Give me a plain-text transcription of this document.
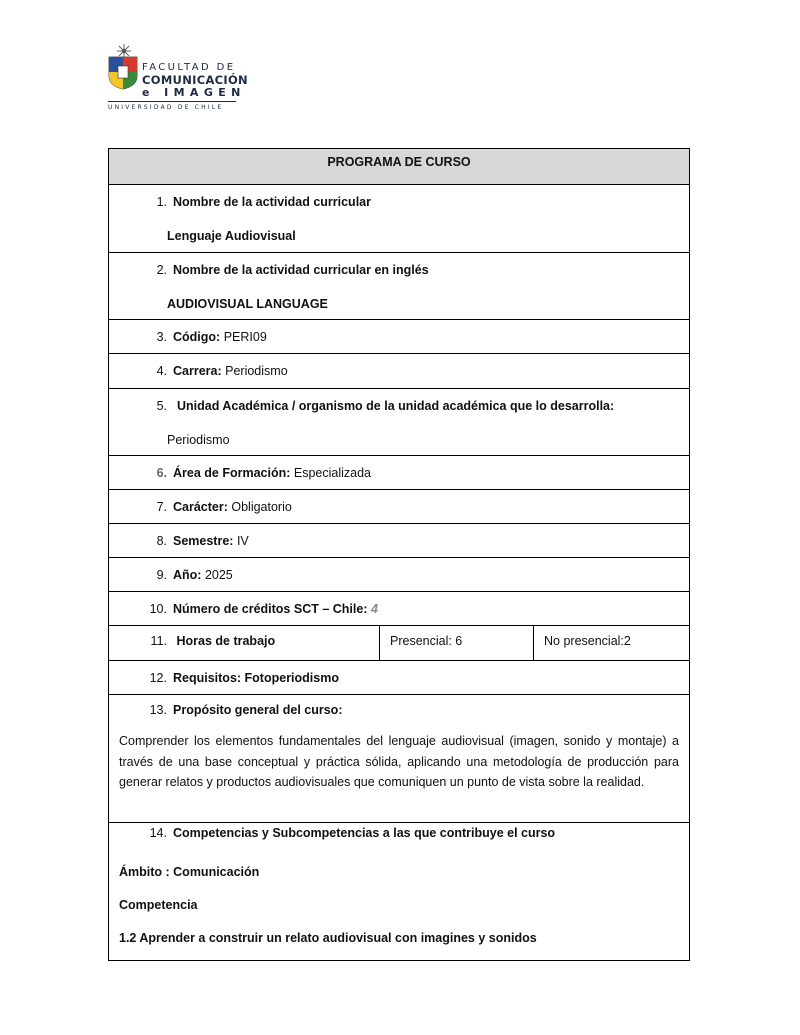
FACULTAD DE
COMUNICACIÓN
e IMAGEN
UNIVERSIDAD DE CHILE
PROGRAMA DE CURSO
1. Nombre de la actividad curricular
Lenguaje Audiovisual
2. Nombre de la actividad curricular en inglés
AUDIOVISUAL LANGUAGE
3. Código:
PERI09
4. Carrera:
Periodismo
5. Unidad Académica / organismo de la unidad académica que lo desarrolla:
Periodismo
6. Área de Formación:
Especializada
7. Carácter:
Obligatorio
8. Semestre:
IV
9. Año:
2025
10. Número de créditos SCT – Chile:
4
11. Horas de trabajo	Presencial: 6	No presencial:2
12. Requisitos: Fotoperiodismo
13. Propósito general del curso:
Comprender los elementos fundamentales del lenguaje audiovisual (imagen, sonido y montaje) a través de una base conceptual y práctica sólida, aplicando una metodología de producción para generar relatos y productos audiovisuales que comuniquen un punto de vista sobre la realidad.
14. Competencias y Subcompetencias a las que contribuye el curso
Ámbito : Comunicación
Competencia
1.2 Aprender a construir un relato audiovisual con imagines y sonidos
